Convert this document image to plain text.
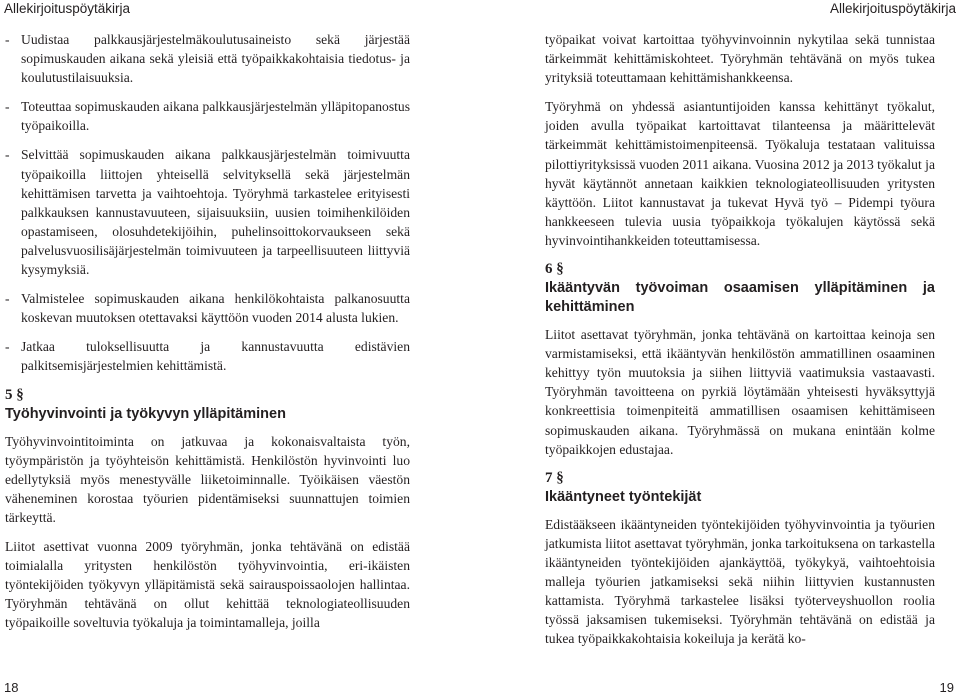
Allekirjoituspöytäkirja
- Uudistaa palkkausjärjestelmäkoulutusaineisto sekä järjestää sopimuskauden aikana sekä yleisiä että työpaikkakohtaisia tiedotus- ja koulutustilaisuuksia.
- Toteuttaa sopimuskauden aikana palkkausjärjestelmän ylläpitopanostus työpaikoilla.
- Selvittää sopimuskauden aikana palkkausjärjestelmän toimivuutta työpaikoilla liittojen yhteisellä selvityksellä sekä järjestelmän kehittämisen tarvetta ja vaihtoehtoja. Työryhmä tarkastelee erityisesti palkkauksen kannustavuuteen, sijaisuuksiin, uusien toimihenkilöiden opastamiseen, olosuhdetekijöihin, puhelinsoittokorvaukseen sekä palvelusvuosilisäjärjestelmän toimivuuteen ja tarpeellisuuteen liittyviä kysymyksiä.
- Valmistelee sopimuskauden aikana henkilökohtaista palkanosuutta koskevan muutoksen otettavaksi käyttöön vuoden 2014 alusta lukien.
- Jatkaa tuloksellisuutta ja kannustavuutta edistävien palkitsemisjärjestelmien kehittämistä.
5 §
Työhyvinvointi ja työkyvyn ylläpitäminen

Työhyvinvointitoiminta on jatkuvaa ja kokonaisvaltaista työn, työympäristön ja työyhteisön kehittämistä. Henkilöstön hyvinvointi luo edellytyksiä myös menestyvälle liiketoiminnalle. Työikäisen väestön väheneminen korostaa työurien pidentämiseksi suunnattujen toimien tärkeyttä.

Liitot asettivat vuonna 2009 työryhmän, jonka tehtävänä on edistää toimialalla yritysten henkilöstön työhyvinvointia, eri-ikäisten työntekijöiden työkyvyn ylläpitämistä sekä sairauspoissaolojen hallintaa. Työryhmän tehtävänä on ollut kehittää teknologiateollisuuden työpaikoille soveltuvia työkaluja ja toimintamalleja, joilla

18
Allekirjoituspöytäkirja

työpaikat voivat kartoittaa työhyvinvoinnin nykytilaa sekä tunnistaa tärkeimmät kehittämiskohteet. Työryhmän tehtävänä on myös tukea yrityksiä toteuttamaan kehittämishankkeensa.

Työryhmä on yhdessä asiantuntijoiden kanssa kehittänyt työkalut, joiden avulla työpaikat kartoittavat tilanteensa ja määrittelevät tärkeimmät kehittämistoimenpiteensä. Työkaluja testataan valituissa pilottiyrityksissä vuoden 2011 aikana. Vuosina 2012 ja 2013 työkalut ja hyvät käytännöt annetaan kaikkien teknologiateollisuuden yritysten käyttöön. Liitot kannustavat ja tukevat Hyvä työ – Pidempi työura hankkeeseen tulevia uusia työpaikkoja työkalujen käytössä sekä hyvinvointihankkeiden toteuttamisessa.

6 §
Ikääntyvän työvoiman osaamisen ylläpitäminen ja kehittäminen

Liitot asettavat työryhmän, jonka tehtävänä on kartoittaa keinoja sen varmistamiseksi, että ikääntyvän henkilöstön ammatillinen osaaminen kehittyy työn muutoksia ja siihen liittyviä vaatimuksia vastaavasti. Työryhmän tavoitteena on pyrkiä löytämään yhteisesti hyväksyttyjä konkreettisia toimenpiteitä ammatillisen osaamisen kehittämiseen sopimuskauden aikana. Työryhmässä on mukana enintään kolme työpaikkojen edustajaa.

7 §
Ikääntyneet työntekijät

Edistääkseen ikääntyneiden työntekijöiden työhyvinvointia ja työurien jatkumista liitot asettavat työryhmän, jonka tarkoituksena on tarkastella ikääntyneiden työntekijöiden ajankäyttöä, työkykyä, vaihtoehtoisia malleja työurien jatkamiseksi sekä niihin liittyvien kustannusten kattamista. Työryhmä tarkastelee lisäksi työterveyshuollon roolia työssä jaksamisen tukemiseksi. Työryhmän tehtävänä on edistää ja tukea työpaikkakohtaisia kokeiluja ja kerätä ko-

19
